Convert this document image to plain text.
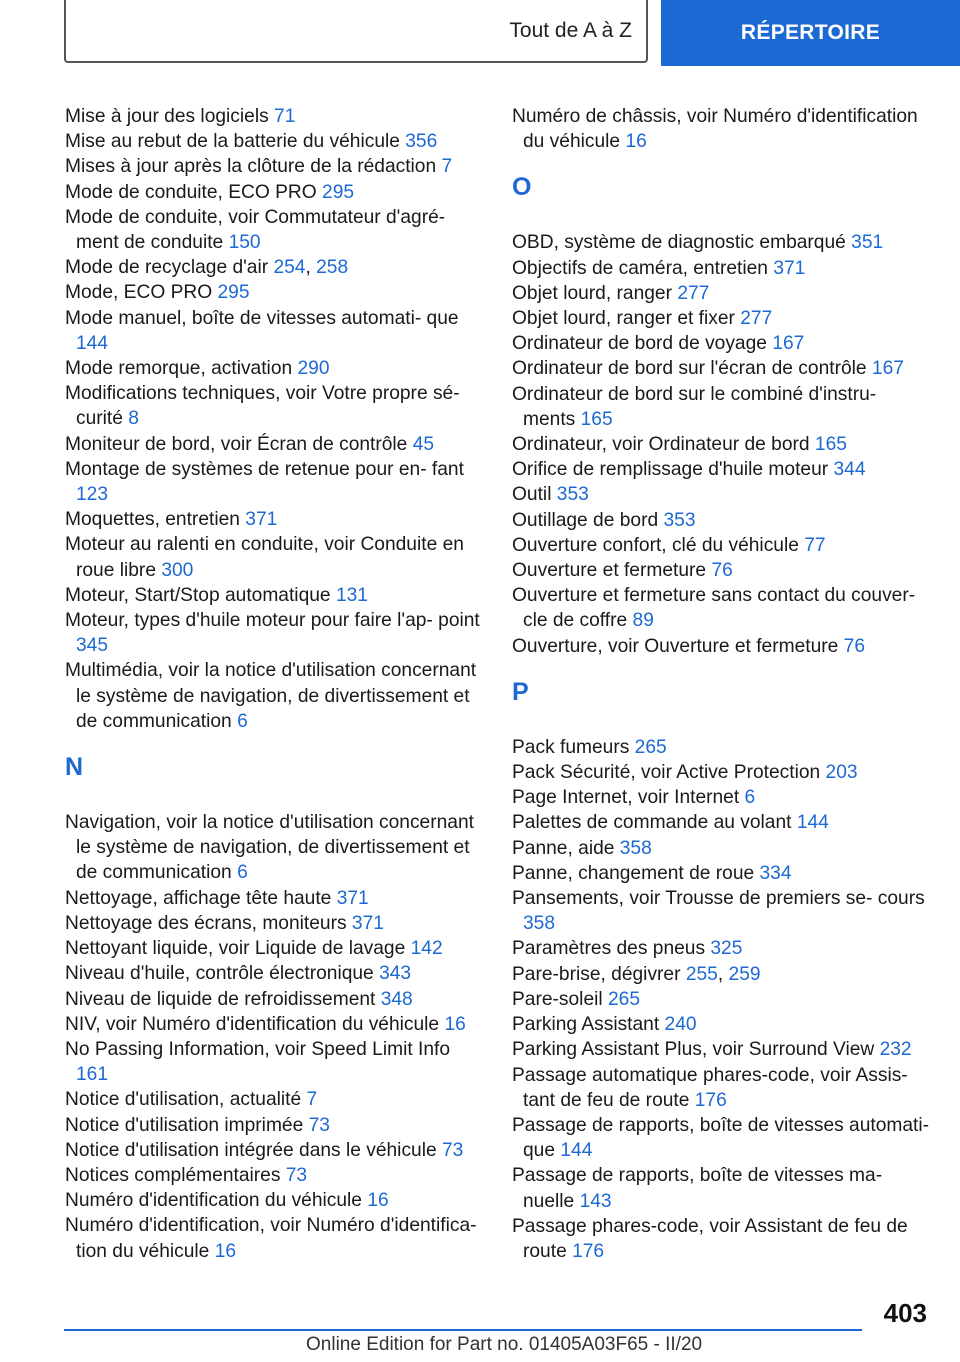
Tout de A à Z	RÉPERTOIRE

Mise à jour des logiciels 71

Mise au rebut de la batterie du véhicule 356

Mises à jour après la clôture de la rédaction 7

Mode de conduite, ECO PRO 295

Mode de conduite, voir Commutateur d'agré‐ ment de conduite 150

Mode de recyclage d'air 254, 258

Mode, ECO PRO 295

Mode manuel, boîte de vitesses automati‐ que 144

Mode remorque, activation 290

Modifications techniques, voir Votre propre sé‐ curité 8

Moniteur de bord, voir Écran de contrôle 45

Montage de systèmes de retenue pour en‐ fant 123

Moquettes, entretien 371

Moteur au ralenti en conduite, voir Conduite en roue libre 300

Moteur, Start/Stop automatique 131

Moteur, types d'huile moteur pour faire l'ap‐ point 345

Multimédia, voir la notice d'utilisation concernant le système de navigation, de divertissement et de communication 6

N

Navigation, voir la notice d'utilisation concernant le système de navigation, de divertissement et de communication 6

Nettoyage, affichage tête haute 371

Nettoyage des écrans, moniteurs 371

Nettoyant liquide, voir Liquide de lavage 142

Niveau d'huile, contrôle électronique 343

Niveau de liquide de refroidissement 348

NIV, voir Numéro d'identification du véhicule 16

No Passing Information, voir Speed Limit Info 161

Notice d'utilisation, actualité 7

Notice d'utilisation imprimée 73

Notice d'utilisation intégrée dans le véhicule 73

Notices complémentaires 73

Numéro d'identification du véhicule 16

Numéro d'identification, voir Numéro d'identifica‐ tion du véhicule 16

Numéro de châssis, voir Numéro d'identification du véhicule 16

O

OBD, système de diagnostic embarqué 351

Objectifs de caméra, entretien 371

Objet lourd, ranger 277

Objet lourd, ranger et fixer 277

Ordinateur de bord de voyage 167

Ordinateur de bord sur l'écran de contrôle 167

Ordinateur de bord sur le combiné d'instru‐ ments 165

Ordinateur, voir Ordinateur de bord 165

Orifice de remplissage d'huile moteur 344

Outil 353

Outillage de bord 353

Ouverture confort, clé du véhicule 77

Ouverture et fermeture 76

Ouverture et fermeture sans contact du couver‐ cle de coffre 89

Ouverture, voir Ouverture et fermeture 76

P

Pack fumeurs 265

Pack Sécurité, voir Active Protection 203

Page Internet, voir Internet 6

Palettes de commande au volant 144

Panne, aide 358

Panne, changement de roue 334

Pansements, voir Trousse de premiers se‐ cours 358

Paramètres des pneus 325

Pare-brise, dégivrer 255, 259

Pare-soleil 265

Parking Assistant 240

Parking Assistant Plus, voir Surround View 232

Passage automatique phares-code, voir Assis‐ tant de feu de route 176

Passage de rapports, boîte de vitesses automati‐ que 144

Passage de rapports, boîte de vitesses ma‐ nuelle 143

Passage phares-code, voir Assistant de feu de route 176

403
Online Edition for Part no. 01405A03F65 - II/20
